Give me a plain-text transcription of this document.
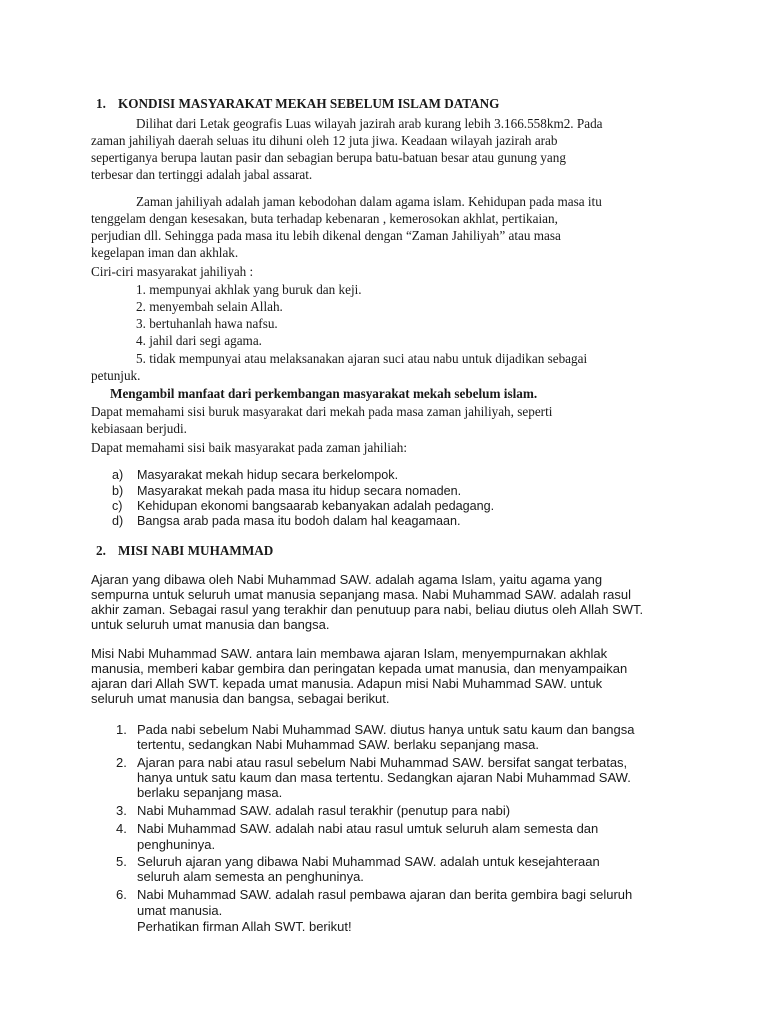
1. KONDISI MASYARAKAT MEKAH SEBELUM ISLAM DATANG
Dilihat dari Letak geografis Luas wilayah jazirah arab kurang lebih 3.166.558km2. Pada
zaman jahiliyah daerah seluas itu dihuni oleh 12 juta jiwa. Keadaan wilayah jazirah arab
sepertiganya berupa lautan pasir dan sebagian berupa batu-batuan besar atau gunung yang
terbesar dan tertinggi adalah jabal assarat.
Zaman jahiliyah adalah jaman kebodohan dalam agama islam. Kehidupan pada masa itu
tenggelam dengan kesesakan, buta terhadap kebenaran , kemerosokan akhlat, pertikaian,
perjudian dll. Sehingga pada masa itu lebih dikenal dengan “Zaman Jahiliyah” atau masa
kegelapan iman dan akhlak.
Ciri-ciri masyarakat jahiliyah :
1. mempunyai akhlak yang buruk dan keji.
2. menyembah selain Allah.
3. bertuhanlah hawa nafsu.
4. jahil dari segi agama.
5. tidak mempunyai atau melaksanakan ajaran suci atau nabu untuk dijadikan sebagai
petunjuk.
Mengambil manfaat dari perkembangan masyarakat mekah sebelum islam.
Dapat memahami sisi buruk masyarakat dari mekah pada masa zaman jahiliyah, seperti
kebiasaan berjudi.
Dapat memahami sisi baik masyarakat pada zaman jahiliah:
a) Masyarakat mekah hidup secara berkelompok.
b) Masyarakat mekah pada masa itu hidup secara nomaden.
c) Kehidupan ekonomi bangsaarab kebanyakan adalah pedagang.
d) Bangsa arab pada masa itu bodoh dalam hal keagamaan.
2. MISI NABI MUHAMMAD
Ajaran yang dibawa oleh Nabi Muhammad SAW. adalah agama Islam, yaitu agama yang
sempurna untuk seluruh umat manusia sepanjang masa. Nabi Muhammad SAW. adalah rasul
akhir zaman. Sebagai rasul yang terakhir dan penutuup para nabi, beliau diutus oleh Allah SWT.
untuk seluruh umat manusia dan bangsa.
Misi Nabi Muhammad SAW. antara lain membawa ajaran Islam, menyempurnakan akhlak
manusia, memberi kabar gembira dan peringatan kepada umat manusia, dan menyampaikan
ajaran dari Allah SWT. kepada umat manusia. Adapun misi Nabi Muhammad SAW. untuk
seluruh umat manusia dan bangsa, sebagai berikut.
1. Pada nabi sebelum Nabi Muhammad SAW. diutus hanya untuk satu kaum dan bangsa
tertentu, sedangkan Nabi Muhammad SAW. berlaku sepanjang masa.
2. Ajaran para nabi atau rasul sebelum Nabi Muhammad SAW. bersifat sangat terbatas,
hanya untuk satu kaum dan masa tertentu. Sedangkan ajaran Nabi Muhammad SAW.
berlaku sepanjang masa.
3. Nabi Muhammad SAW. adalah rasul terakhir (penutup para nabi)
4. Nabi Muhammad SAW. adalah nabi atau rasul umtuk seluruh alam semesta dan
penghuninya.
5. Seluruh ajaran yang dibawa Nabi Muhammad SAW. adalah untuk kesejahteraan
seluruh alam semesta an penghuninya.
6. Nabi Muhammad SAW. adalah rasul pembawa ajaran dan berita gembira bagi seluruh
umat manusia.
Perhatikan firman Allah SWT. berikut!
